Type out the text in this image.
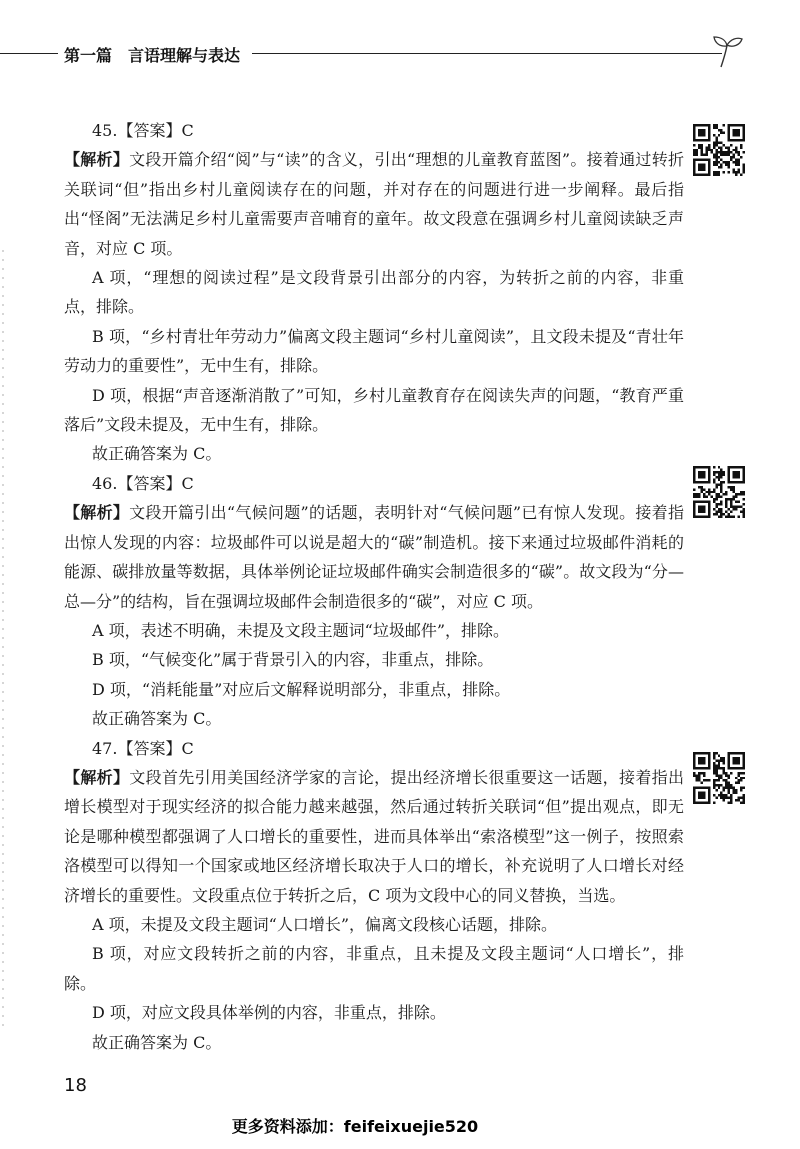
第一篇 言语理解与表达

45.【答案】C

【解析】文段开篇介绍“阅”与“读”的含义，引出“理想的儿童教育蓝图”。接着通过转折关联词“但”指出乡村儿童阅读存在的问题，并对存在的问题进行进一步阐释。最后指出“怪阁”无法满足乡村儿童需要声音哺育的童年。故文段意在强调乡村儿童阅读缺乏声音，对应 C 项。

A 项，“理想的阅读过程”是文段背景引出部分的内容，为转折之前的内容，非重点，排除。

B 项，“乡村青壮年劳动力”偏离文段主题词“乡村儿童阅读”，且文段未提及“青壮年劳动力的重要性”，无中生有，排除。

D 项，根据“声音逐渐消散了”可知，乡村儿童教育存在阅读失声的问题，“教育严重落后”文段未提及，无中生有，排除。

故正确答案为 C。

46.【答案】C

【解析】文段开篇引出“气候问题”的话题，表明针对“气候问题”已有惊人发现。接着指出惊人发现的内容：垃圾邮件可以说是超大的“碳”制造机。接下来通过垃圾邮件消耗的能源、碳排放量等数据，具体举例论证垃圾邮件确实会制造很多的“碳”。故文段为“分—总—分”的结构，旨在强调垃圾邮件会制造很多的“碳”，对应 C 项。

A 项，表述不明确，未提及文段主题词“垃圾邮件”，排除。

B 项，“气候变化”属于背景引入的内容，非重点，排除。

D 项，“消耗能量”对应后文解释说明部分，非重点，排除。

故正确答案为 C。

47.【答案】C

【解析】文段首先引用美国经济学家的言论，提出经济增长很重要这一话题，接着指出增长模型对于现实经济的拟合能力越来越强，然后通过转折关联词“但”提出观点，即无论是哪种模型都强调了人口增长的重要性，进而具体举出“索洛模型”这一例子，按照索洛模型可以得知一个国家或地区经济增长取决于人口的增长，补充说明了人口增长对经济增长的重要性。文段重点位于转折之后，C 项为文段中心的同义替换，当选。

A 项，未提及文段主题词“人口增长”，偏离文段核心话题，排除。

B 项，对应文段转折之前的内容，非重点，且未提及文段主题词“人口增长”，排除。

D 项，对应文段具体举例的内容，非重点，排除。

故正确答案为 C。

18
更多资料添加：feifeixuejie520
